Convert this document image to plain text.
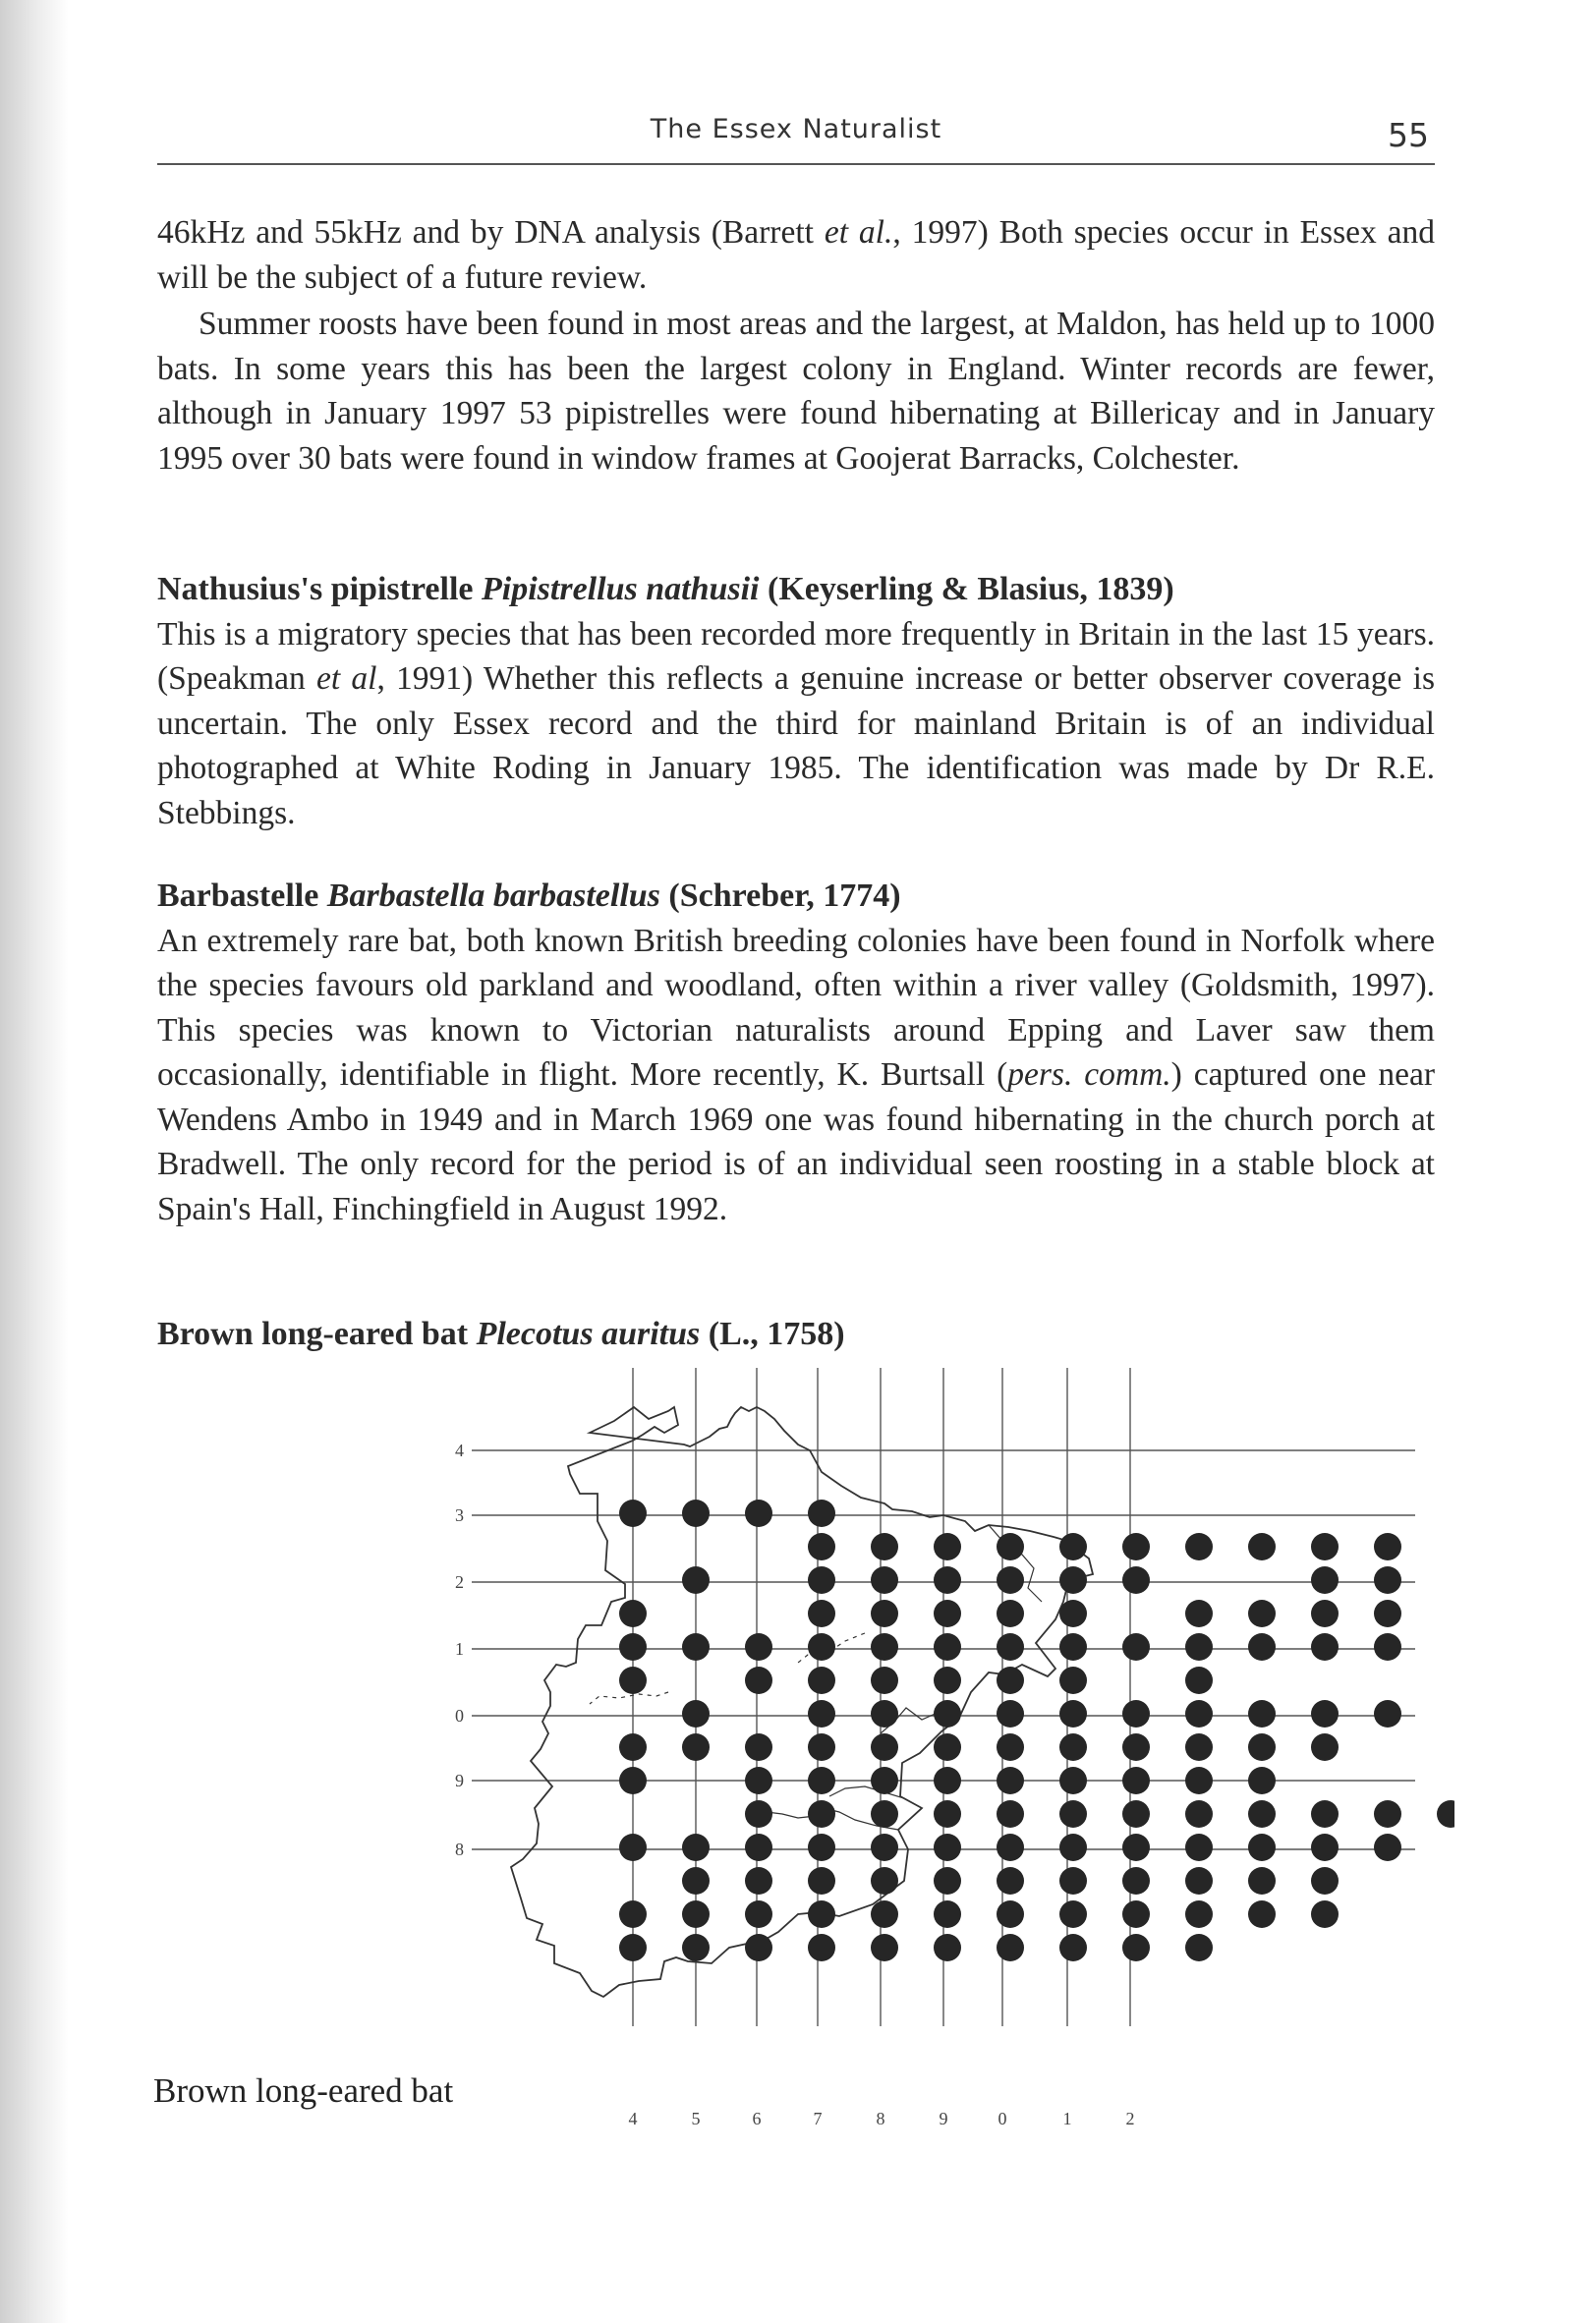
The Essex Naturalist	55

46kHz and 55kHz and by DNA analysis (Barrett et al., 1997) Both species occur in Essex and will be the subject of a future review.

Summer roosts have been found in most areas and the largest, at Maldon, has held up to 1000 bats. In some years this has been the largest colony in England. Winter records are fewer, although in January 1997 53 pipistrelles were found hibernating at Billericay and in January 1995 over 30 bats were found in window frames at Goojerat Barracks, Colchester.

Nathusius's pipistrelle Pipistrellus nathusii (Keyserling & Blasius, 1839)

This is a migratory species that has been recorded more frequently in Britain in the last 15 years. (Speakman et al, 1991) Whether this reflects a genuine increase or better observer coverage is uncertain. The only Essex record and the third for mainland Britain is of an individual photographed at White Roding in January 1985. The identification was made by Dr R.E. Stebbings.

Barbastelle Barbastella barbastellus (Schreber, 1774)

An extremely rare bat, both known British breeding colonies have been found in Norfolk where the species favours old parkland and woodland, often within a river valley (Goldsmith, 1997). This species was known to Victorian naturalists around Epping and Laver saw them occasionally, identifiable in flight. More recently, K. Burtsall (pers. comm.) captured one near Wendens Ambo in 1949 and in March 1969 one was found hibernating in the church porch at Bradwell. The only record for the period is of an individual seen roosting in a stable block at Spain's Hall, Finchingfield in August 1992.

Brown long-eared bat Plecotus auritus (L., 1758)

4	5	6	7	8	9	0	1	2
4
3
2
1
0
9
8
Brown long-eared bat
